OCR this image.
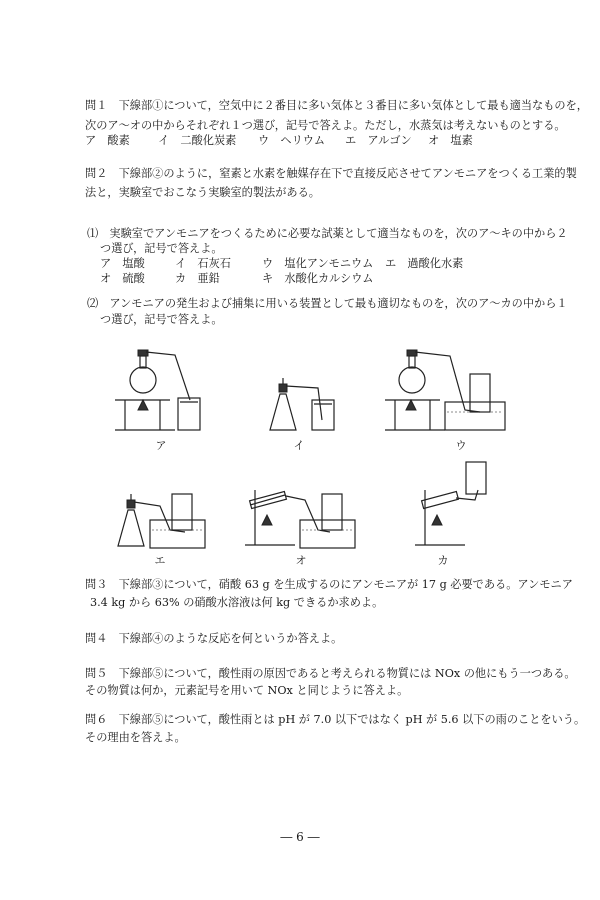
問１　下線部①について，空気中に２番目に多い気体と３番目に多い気体として最も適当なものを，
次のア～オの中からそれぞれ１つ選び，記号で答えよ。ただし，水蒸気は考えないものとする。
ア　酸素	イ　二酸化炭素 ウ　ヘリウム エ　アルゴン オ　塩素
問２　下線部②のように，窒素と水素を触媒存在下で直接反応させてアンモニアをつくる工業的製
法と，実験室でおこなう実験室的製法がある。
⑴　実験室でアンモニアをつくるために必要な試薬として適当なものを，次のア～キの中から２
つ選び，記号で答えよ。
ア　塩酸	イ　石灰石	ウ　塩化アンモニウム エ　過酸化水素
オ　硫酸	カ　亜鉛	キ　水酸化カルシウム
⑵　アンモニアの発生および捕集に用いる装置として最も適切なものを，次のア～カの中から１
つ選び，記号で答えよ。
ア	イ	ウ
エ	オ	カ
問３　下線部③について，硝酸 63 g を生成するのにアンモニアが 17 g 必要である。アンモニア
3.4 kg から 63% の硝酸水溶液は何 kg できるか求めよ。
問４　下線部④のような反応を何というか答えよ。
問５　下線部⑤について，酸性雨の原因であると考えられる物質には NOx の他にもう一つある。
その物質は何か，元素記号を用いて NOx と同じように答えよ。
問６　下線部⑤について，酸性雨とは pH が 7.0 以下ではなく pH が 5.6 以下の雨のことをいう。
その理由を答えよ。
― 6 ―
